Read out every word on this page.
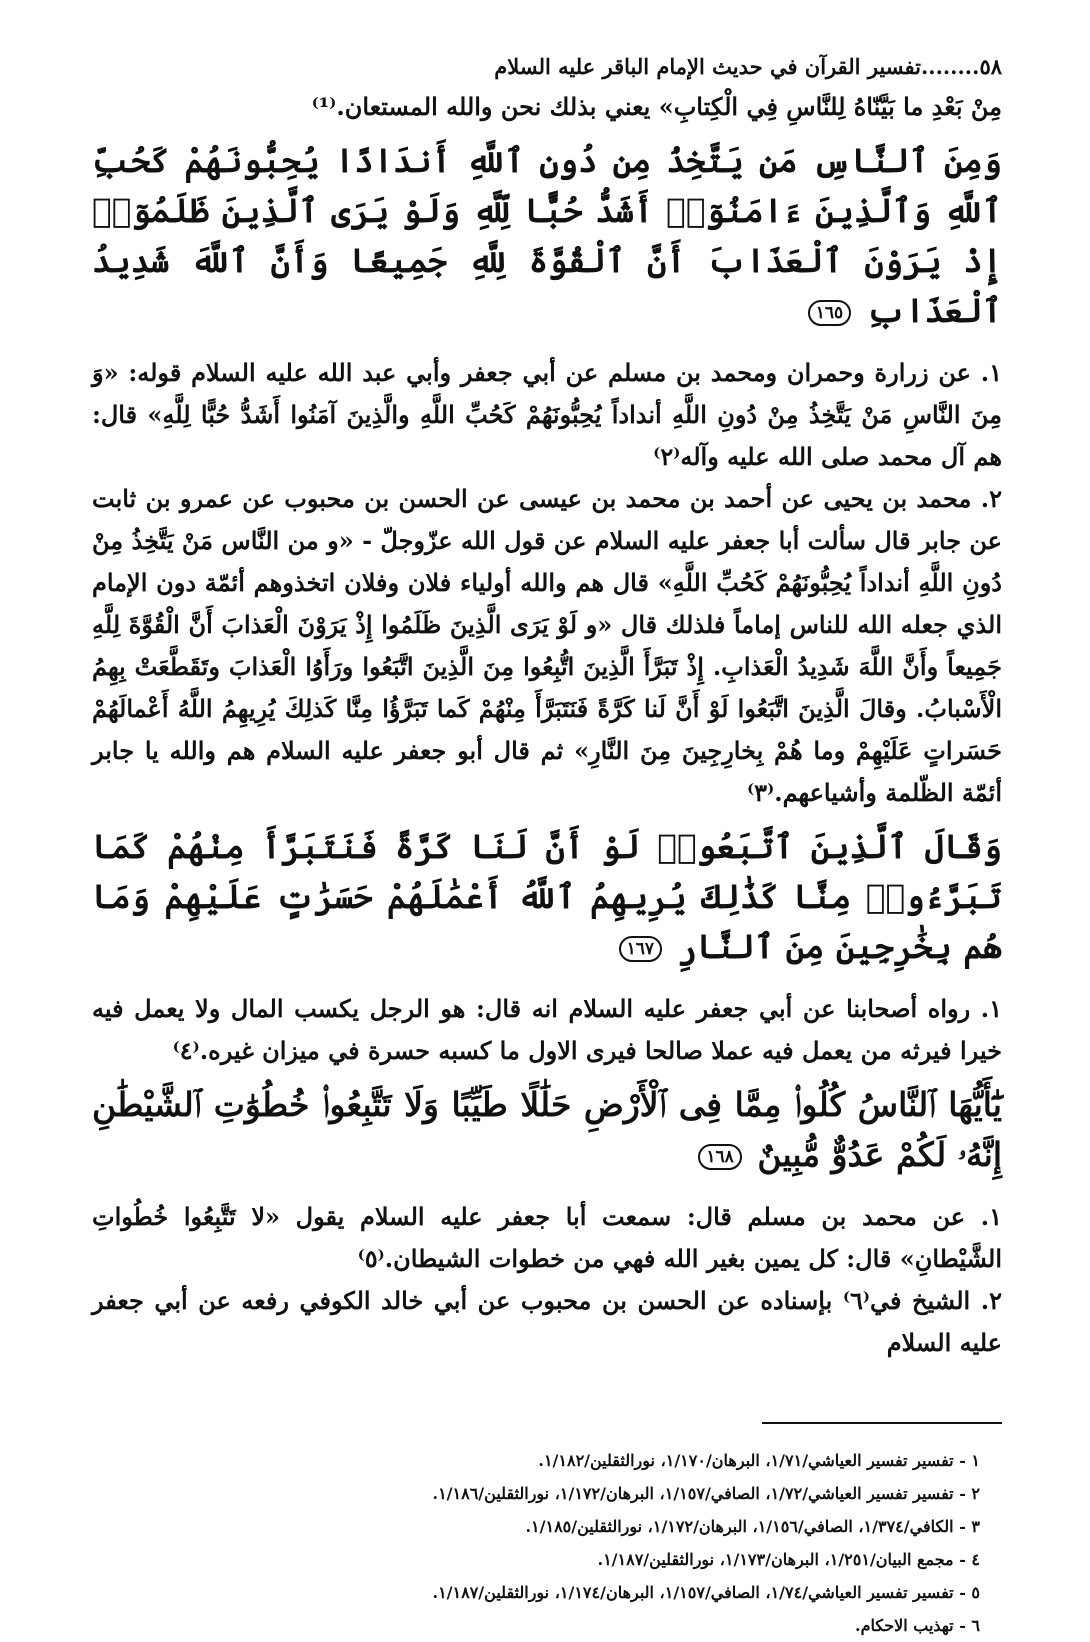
٥٨........تفسير القرآن في حديث الإمام الباقر عليه السلام

مِنْ بَعْدِ ما بَيَّنّاهُ لِلنَّاسِ فِي الْكِتابِ» يعني بذلك نحن والله المستعان.⁽¹⁾

وَمِنَ ٱلنَّاسِ مَن يَتَّخِذُ مِن دُونِ ٱللَّهِ أَندَادًا يُحِبُّونَهُمْ كَحُبِّ ٱللَّهِ وَٱلَّذِينَ ءَامَنُوٓا۟ أَشَدُّ حُبًّا لِّلَّهِ وَلَوْ يَرَى ٱلَّذِينَ ظَلَمُوٓا۟ إِذْ يَرَوْنَ ٱلْعَذَابَ أَنَّ ٱلْقُوَّةَ لِلَّهِ جَمِيعًا وَأَنَّ ٱللَّهَ شَدِيدُ ٱلْعَذَابِ ١٦٥

١. عن زرارة وحمران ومحمد بن مسلم عن أبي جعفر وأبي عبد الله عليه السلام قوله: «وَ مِنَ النَّاسِ مَنْ يَتَّخِذُ مِنْ دُونِ اللَّهِ أنداداً يُحِبُّونَهُمْ كَحُبِّ اللَّهِ والَّذِينَ آمَنُوا أَشَدُّ حُبًّا لِلَّهِ» قال: هم آل محمد صلى الله عليه وآله⁽٢⁾

٢. محمد بن يحيى عن أحمد بن محمد بن عيسى عن الحسن بن محبوب عن عمرو بن ثابت عن جابر قال سألت أبا جعفر عليه السلام عن قول الله عزّوجلّ - «و من النَّاس مَنْ يَتَّخِذُ مِنْ دُونِ اللَّهِ أنداداً يُحِبُّونَهُمْ كَحُبِّ اللَّهِ» قال هم والله أولياء فلان وفلان اتخذوهم أئمّة دون الإمام الذي جعله الله للناس إماماً فلذلك قال «و لَوْ يَرَى الَّذِينَ ظَلَمُوا إِذْ يَرَوْنَ الْعَذابَ أَنَّ الْقُوَّةَ لِلَّهِ جَمِيعاً وأَنَّ اللَّهَ شَدِيدُ الْعَذابِ. إِذْ تَبَرَّأَ الَّذِينَ اتُّبِعُوا مِنَ الَّذِينَ اتَّبَعُوا ورَأَوُا الْعَذابَ وتَقَطَّعَتْ بِهِمُ الْأَسْبابُ. وقالَ الَّذِينَ اتَّبَعُوا لَوْ أَنَّ لَنا كَرَّةً فَنَتَبَرَّأَ مِنْهُمْ كَما تَبَرَّؤُا مِنَّا كَذلِكَ يُرِيهِمُ اللَّهُ أَعْمالَهُمْ حَسَراتٍ عَلَيْهِمْ وما هُمْ بِخارِجِينَ مِنَ النَّارِ» ثم قال أبو جعفر عليه السلام هم والله يا جابر أئمّة الظّلمة وأشياعهم.⁽٣⁾

وَقَالَ ٱلَّذِينَ ٱتَّبَعُوا۟ لَوْ أَنَّ لَنَا كَرَّةً فَنَتَبَرَّأَ مِنْهُمْ كَمَا تَبَرَّءُوا۟ مِنَّا كَذَٰلِكَ يُرِيهِمُ ٱللَّهُ أَعْمَٰلَهُمْ حَسَرَٰتٍ عَلَيْهِمْ وَمَا هُم بِخَٰرِجِينَ مِنَ ٱلنَّارِ ١٦٧

١. رواه أصحابنا عن أبي جعفر عليه السلام انه قال: هو الرجل يكسب المال ولا يعمل فيه خيرا فيرثه من يعمل فيه عملا صالحا فيرى الاول ما كسبه حسرة في ميزان غيره.⁽٤⁾

يَٰٓأَيُّهَا ٱلنَّاسُ كُلُوا۟ مِمَّا فِى ٱلْأَرْضِ حَلَٰلًا طَيِّبًا وَلَا تَتَّبِعُوا۟ خُطُوَٰتِ ٱلشَّيْطَٰنِ إِنَّهُۥ لَكُمْ عَدُوٌّ مُّبِينٌ ١٦٨

١. عن محمد بن مسلم قال: سمعت أبا جعفر عليه السلام يقول «لا تَتَّبِعُوا خُطُواتِ الشَّيْطانِ» قال: كل يمين بغير الله فهي من خطوات الشيطان.⁽٥⁾

٢. الشيخ في⁽٦⁾ بإسناده عن الحسن بن محبوب عن أبي خالد الكوفي رفعه عن أبي جعفر عليه السلام

١ - تفسير تفسير العياشي/١/٧١، البرهان/١/١٧٠، نورالثقلين/١/١٨٢.

٢ - تفسير تفسير العياشي/١/٧٢، الصافي/١/١٥٧، البرهان/١/١٧٢، نورالثقلين/١/١٨٦.

٣ - الكافي/١/٣٧٤، الصافي/١/١٥٦، البرهان/١/١٧٢، نورالثقلين/١/١٨٥.

٤ - مجمع البيان/١/٢٥١، البرهان/١/١٧٣، نورالثقلين/١/١٨٧.

٥ - تفسير تفسير العياشي/١/٧٤، الصافي/١/١٥٧، البرهان/١/١٧٤، نورالثقلين/١/١٨٧.

٦ - تهذيب الاحكام.
